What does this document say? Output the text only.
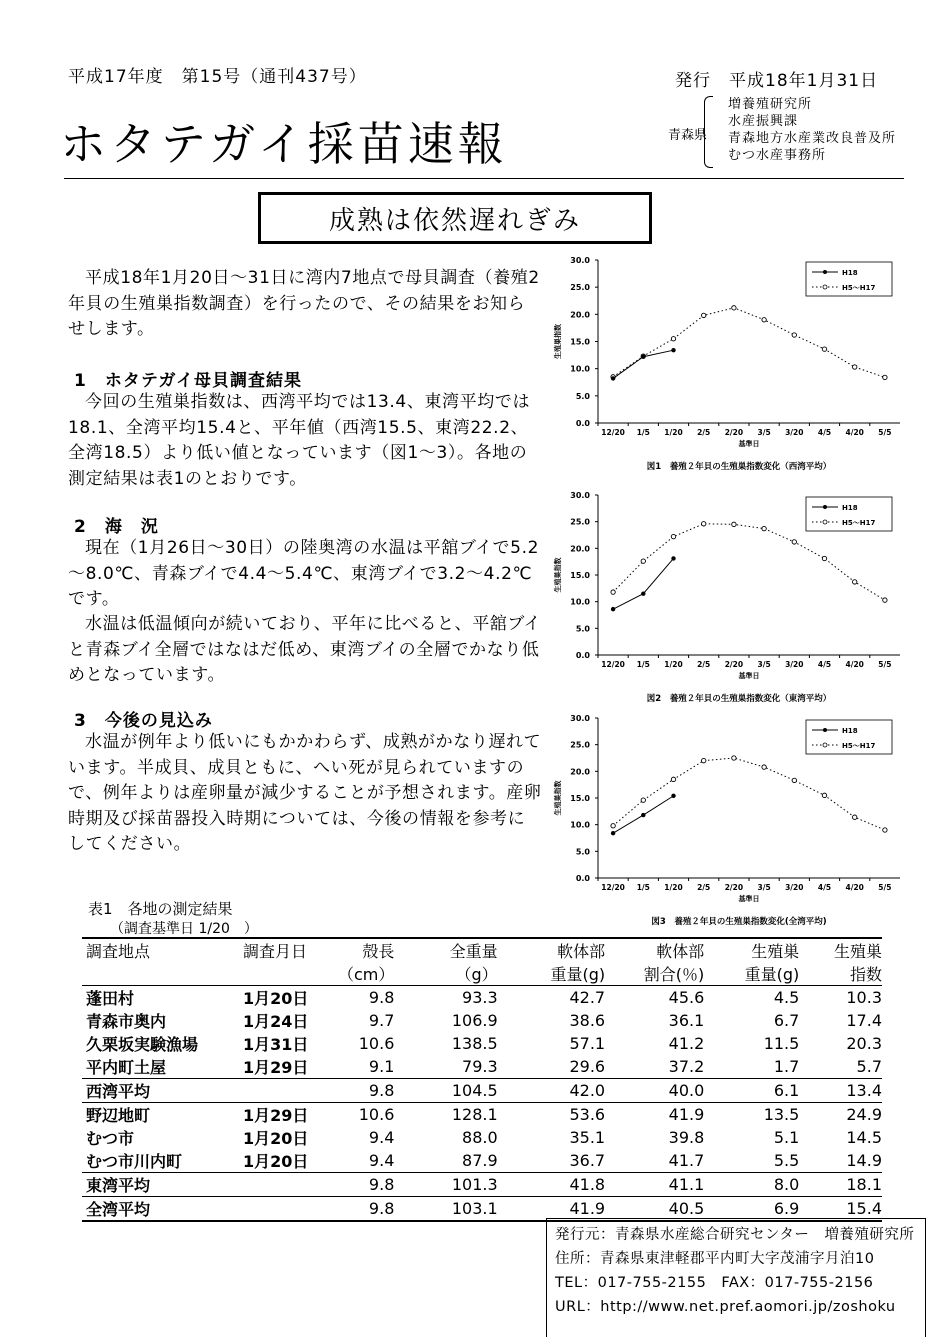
平成17年度　第15号（通刊437号）	発行　平成18年1月31日
ホタテガイ採苗速報	青森県
増養殖研究所
水産振興課
青森地方水産業改良普及所
むつ水産事務所
成熟は依然遅れぎみ
平成18年1月20日～31日に湾内7地点で母貝調査（養殖2年貝の生殖巣指数調査）を行ったので、その結果をお知らせします。
1　ホタテガイ母貝調査結果
今回の生殖巣指数は、西湾平均では13.4、東湾平均では18.1、全湾平均15.4と、平年値（西湾15.5、東湾22.2、全湾18.5）より低い値となっています（図1～3）。各地の測定結果は表1のとおりです。
2　海　況
現在（1月26日～30日）の陸奥湾の水温は平舘ブイで5.2～8.0℃、青森ブイで4.4～5.4℃、東湾ブイで3.2～4.2℃です。
水温は低温傾向が続いており、平年に比べると、平舘ブイと青森ブイ全層ではなはだ低め、東湾ブイの全層でかなり低めとなっています。
3　今後の見込み
水温が例年より低いにもかかわらず、成熟がかなり遅れています。半成貝、成貝ともに、へい死が見られていますので、例年よりは産卵量が減少することが予想されます。産卵時期及び採苗器投入時期については、今後の情報を参考にしてください。
0.0
5.0
10.0
15.0
20.0
25.0
30.0
12/20 1/5 1/20 2/5 2/20 3/5 3/20 4/5 4/20 5/5
生殖巣指数
基準日
図1　養殖２年貝の生殖巣指数変化（西湾平均）
H18
H5～H17
0.0
5.0
10.0
15.0
20.0
25.0
30.0
12/20 1/5 1/20 2/5 2/20 3/5 3/20 4/5 4/20 5/5
生殖巣指数
基準日
図2　養殖２年貝の生殖巣指数変化（東湾平均）
H18
H5～H17
0.0
5.0
10.0
15.0
20.0
25.0
30.0
12/20 1/5 1/20 2/5 2/20 3/5 3/20 4/5 4/20 5/5
生殖巣指数
基準日
図3　養殖２年貝の生殖巣指数変化(全湾平均)
H18
H5～H17
表1　各地の測定結果
（調査基準日 1/20　）
調査地点	調査月日	殻長	全重量	軟体部	軟体部	生殖巣	生殖巣
		（cm）	（g）	重量(g)	割合(％)	重量(g)	指数
蓬田村	1月20日	9.8	93.3	42.7	45.6	4.5	10.3
青森市奥内	1月24日	9.7	106.9	38.6	36.1	6.7	17.4
久栗坂実験漁場	1月31日	10.6	138.5	57.1	41.2	11.5	20.3
平内町土屋	1月29日	9.1	79.3	29.6	37.2	1.7	5.7
西湾平均		9.8	104.5	42.0	40.0	6.1	13.4
野辺地町	1月29日	10.6	128.1	53.6	41.9	13.5	24.9
むつ市	1月20日	9.4	88.0	35.1	39.8	5.1	14.5
むつ市川内町	1月20日	9.4	87.9	36.7	41.7	5.5	14.9
東湾平均		9.8	101.3	41.8	41.1	8.0	18.1
全湾平均		9.8	103.1	41.9	40.5	6.9	15.4
発行元：青森県水産総合研究センター　増養殖研究所
住所：青森県東津軽郡平内町大字茂浦字月泊10
TEL：017-755-2155　FAX：017-755-2156
URL：http://www.net.pref.aomori.jp/zoshoku
